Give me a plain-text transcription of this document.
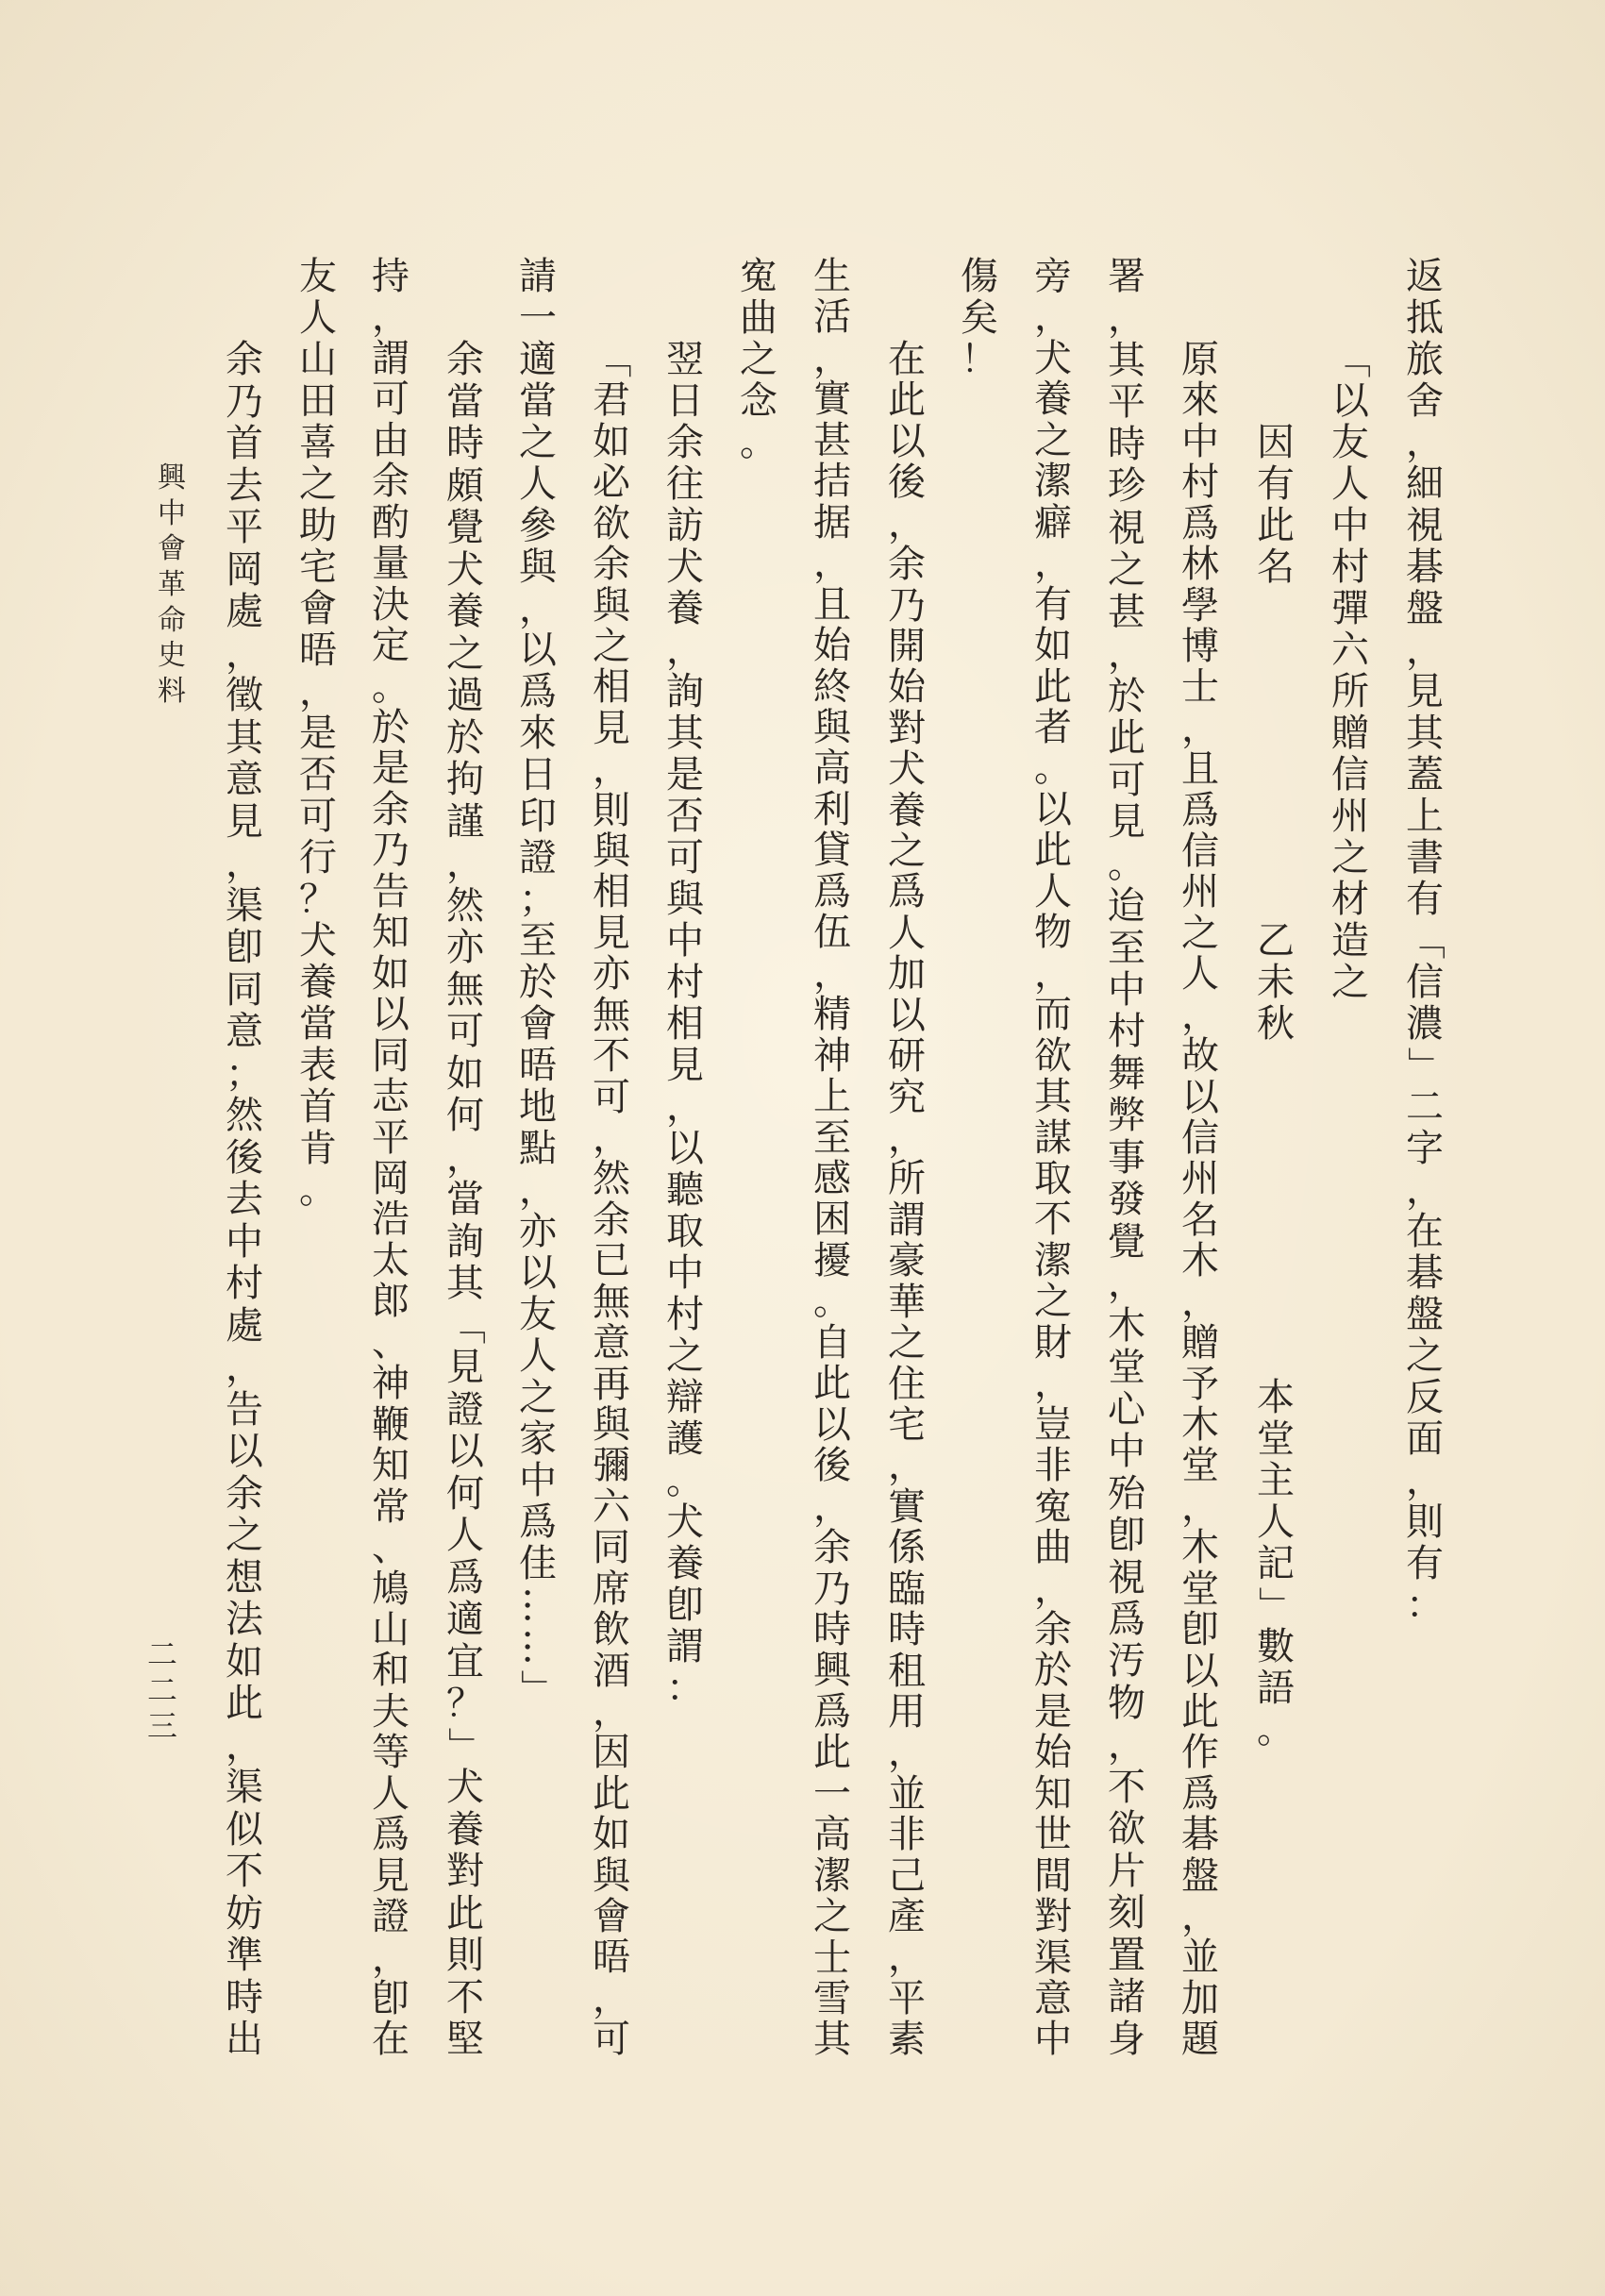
返
抵
旅
舍
，
細
視
碁
盤
，
見
其
蓋
上
書
有
「
信
濃
」
二
字
，
在
碁
盤
之
反
面
，
則
有
：
「
以
友
人
中
村
彈
六
所
贈
信
州
之
材
造
之
因
有
此
名
乙
未
秋
本
堂
主
人
記
」
數
語
。
原
來
中
村
爲
林
學
博
士
，
且
爲
信
州
之
人
，
故
以
信
州
名
木
，
贈
予
木
堂
，
木
堂
卽
以
此
作
爲
碁
盤
，
並
加
題
署
，
其
平
時
珍
視
之
甚
，
於
此
可
見
。
迨
至
中
村
舞
弊
事
發
覺
，
木
堂
心
中
殆
卽
視
爲
汚
物
，
不
欲
片
刻
置
諸
身
旁
，
犬
養
之
潔
癖
，
有
如
此
者
。
以
此
人
物
，
而
欲
其
謀
取
不
潔
之
財
，
豈
非
寃
曲
，
余
於
是
始
知
世
間
對
渠
意
中
傷
矣
！
在
此
以
後
，
余
乃
開
始
對
犬
養
之
爲
人
加
以
研
究
，
所
謂
豪
華
之
住
宅
，
實
係
臨
時
租
用
，
並
非
己
產
，
平
素
生
活
，
實
甚
拮
据
，
且
始
終
與
高
利
貸
爲
伍
，
精
神
上
至
感
困
擾
。
自
此
以
後
，
余
乃
時
興
爲
此
一
高
潔
之
士
雪
其
寃
曲
之
念
。
翌
日
余
往
訪
犬
養
，
詢
其
是
否
可
與
中
村
相
見
，
以
聽
取
中
村
之
辯
護
。
犬
養
卽
謂
：
「
君
如
必
欲
余
與
之
相
見
，
則
與
相
見
亦
無
不
可
，
然
余
已
無
意
再
與
彌
六
同
席
飲
酒
，
因
此
如
與
會
晤
，
可
請
一
適
當
之
人
參
與
，
以
爲
來
日
印
證
；
至
於
會
晤
地
點
，
亦
以
友
人
之
家
中
爲
佳
…
…
」
余
當
時
頗
覺
犬
養
之
過
於
拘
謹
，
然
亦
無
可
如
何
，
當
詢
其
「
見
證
以
何
人
爲
適
宜
？
」
犬
養
對
此
則
不
堅
持
，
謂
可
由
余
酌
量
決
定
。
於
是
余
乃
告
知
如
以
同
志
平
岡
浩
太
郎
、
神
鞭
知
常
、
鳩
山
和
夫
等
人
爲
見
證
，
卽
在
友
人
山
田
喜
之
助
宅
會
晤
，
是
否
可
行
？
犬
養
當
表
首
肯
。
余
乃
首
去
平
岡
處
，
徵
其
意
見
，
渠
卽
同
意
；
然
後
去
中
村
處
，
告
以
余
之
想
法
如
此
，
渠
似
不
妨
準
時
出
興
中
會
革
命
史
料
二
二
三
